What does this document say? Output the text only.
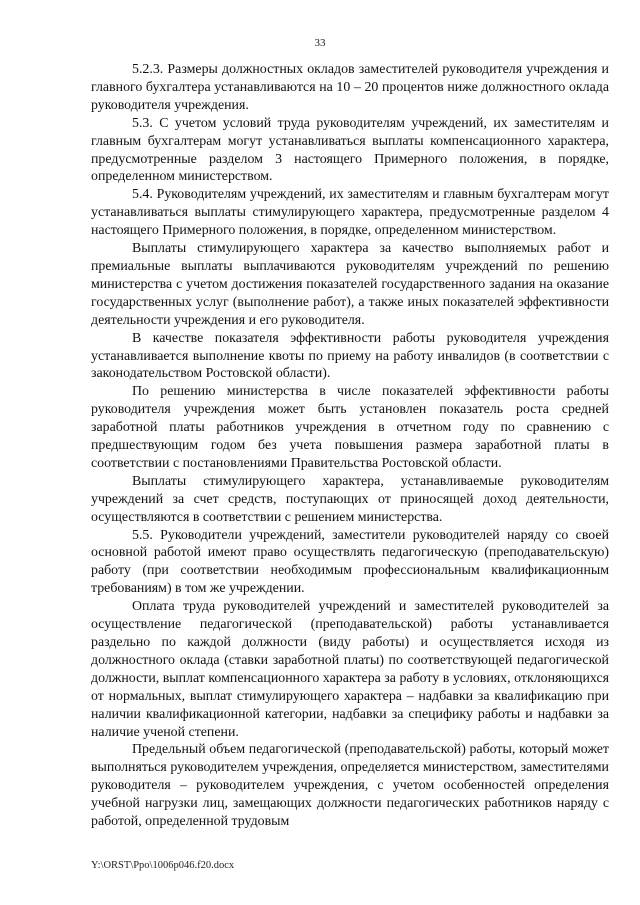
33

5.2.3. Размеры должностных окладов заместителей руководителя учреждения и главного бухгалтера устанавливаются на 10 – 20 процентов ниже должностного оклада руководителя учреждения.

5.3. С учетом условий труда руководителям учреждений, их заместителям и главным бухгалтерам могут устанавливаться выплаты компенсационного характера, предусмотренные разделом 3 настоящего Примерного положения, в порядке, определенном министерством.

5.4. Руководителям учреждений, их заместителям и главным бухгалтерам могут устанавливаться выплаты стимулирующего характера, предусмотренные разделом 4 настоящего Примерного положения, в порядке, определенном министерством.

Выплаты стимулирующего характера за качество выполняемых работ и премиальные выплаты выплачиваются руководителям учреждений по решению министерства с учетом достижения показателей государственного задания на оказание государственных услуг (выполнение работ), а также иных показателей эффективности деятельности учреждения и его руководителя.

В качестве показателя эффективности работы руководителя учреждения устанавливается выполнение квоты по приему на работу инвалидов (в соответствии с законодательством Ростовской области).

По решению министерства в числе показателей эффективности работы руководителя учреждения может быть установлен показатель роста средней заработной платы работников учреждения в отчетном году по сравнению с предшествующим годом без учета повышения размера заработной платы в соответствии с постановлениями Правительства Ростовской области.

Выплаты стимулирующего характера, устанавливаемые руководителям учреждений за счет средств, поступающих от приносящей доход деятельности, осуществляются в соответствии с решением министерства.

5.5. Руководители учреждений, заместители руководителей наряду со своей основной работой имеют право осуществлять педагогическую (преподавательскую) работу (при соответствии необходимым профессиональным квалификационным требованиям) в том же учреждении.

Оплата труда руководителей учреждений и заместителей руководителей за осуществление педагогической (преподавательской) работы устанавливается раздельно по каждой должности (виду работы) и осуществляется исходя из должностного оклада (ставки заработной платы) по соответствующей педагогической должности, выплат компенсационного характера за работу в условиях, отклоняющихся от нормальных, выплат стимулирующего характера – надбавки за квалификацию при наличии квалификационной категории, надбавки за специфику работы и надбавки за наличие ученой степени.

Предельный объем педагогической (преподавательской) работы, который может выполняться руководителем учреждения, определяется министерством, заместителями руководителя – руководителем учреждения, с учетом особенностей определения учебной нагрузки лиц, замещающих должности педагогических работников наряду с работой, определенной трудовым

Y:\ORST\Ppo\1006p046.f20.docx
